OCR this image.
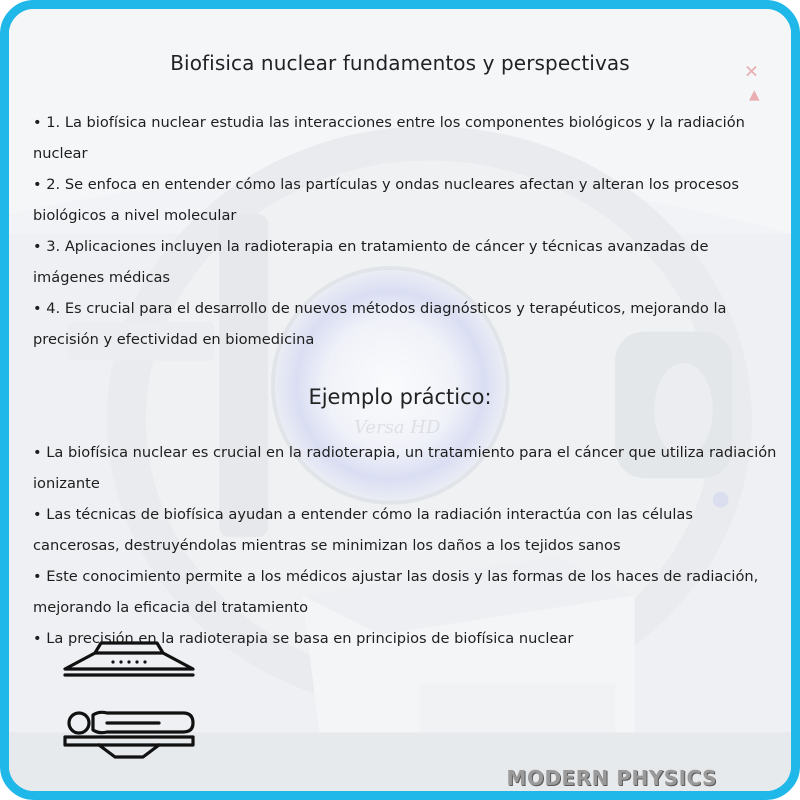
Biofisica nuclear fundamentos y perspectivas
• 1. La biofísica nuclear estudia las interacciones entre los componentes biológicos y la radiación nuclear
• 2. Se enfoca en entender cómo las partículas y ondas nucleares afectan y alteran los procesos biológicos a nivel molecular
• 3. Aplicaciones incluyen la radioterapia en tratamiento de cáncer y técnicas avanzadas de imágenes médicas
• 4. Es crucial para el desarrollo de nuevos métodos diagnósticos y terapéuticos, mejorando la precisión y efectividad en biomedicina
Ejemplo práctico:
• La biofísica nuclear es crucial en la radioterapia, un tratamiento para el cáncer que utiliza radiación ionizante
• Las técnicas de biofísica ayudan a entender cómo la radiación interactúa con las células cancerosas, destruyéndolas mientras se minimizan los daños a los tejidos sanos
• Este conocimiento permite a los médicos ajustar las dosis y las formas de los haces de radiación, mejorando la eficacia del tratamiento
• La precisión en la radioterapia se basa en principios de biofísica nuclear
MODERN PHYSICS
